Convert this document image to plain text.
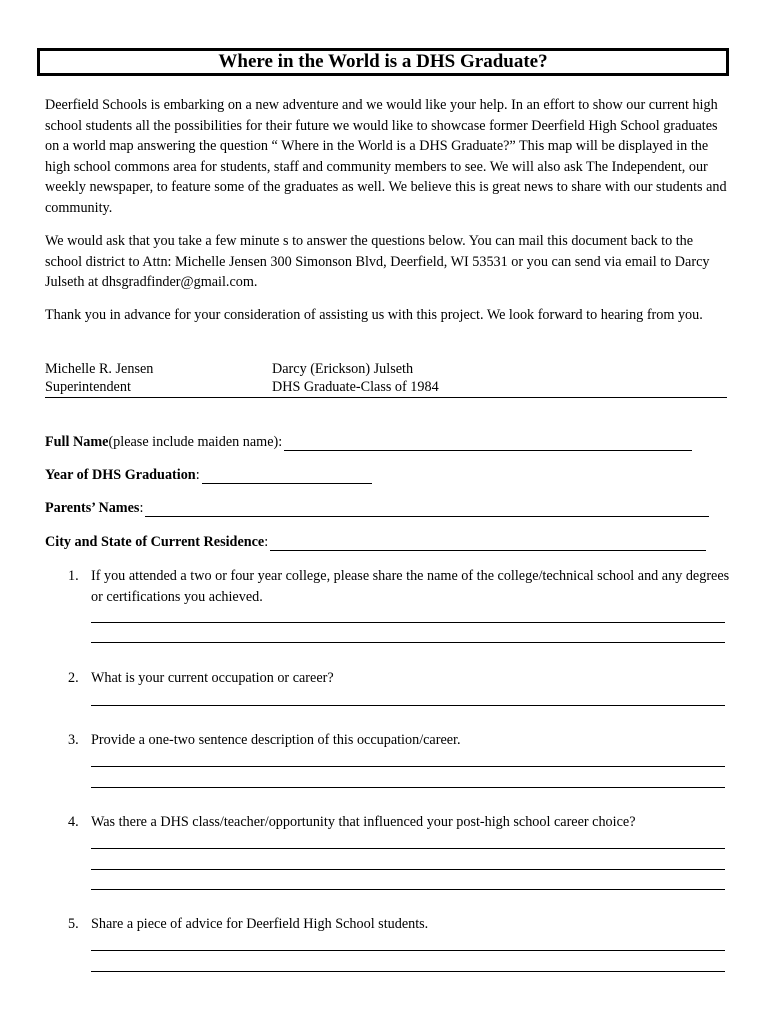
Where in the World is a DHS Graduate?

Deerfield Schools is embarking on a new adventure and we would like your help. In an effort to show our current high school students all the possibilities for their future we would like to showcase former Deerfield High School graduates on a world map answering the question “ Where in the World is a DHS Graduate?” This map will be displayed in the high school commons area for students, staff and community members to see. We will also ask The Independent, our weekly newspaper, to feature some of the graduates as well. We believe this is great news to share with our students and community.

We would ask that you take a few minute s to answer the questions below. You can mail this document back to the school district to Attn: Michelle Jensen 300 Simonson Blvd, Deerfield, WI 53531 or you can send via email to Darcy Julseth at dhsgradfinder@gmail.com.

Thank you in advance for your consideration of assisting us with this project. We look forward to hearing from you.

Michelle R. Jensen
Superintendent
Darcy (Erickson) Julseth
DHS Graduate-Class of 1984
Full Name (please include maiden name):
Year of DHS Graduation :
Parents’ Names :
City and State of Current Residence :
1. If you attended a two or four year college, please share the name of the college/technical school and any degrees or certifications you achieved.
2. What is your current occupation or career?
3. Provide a one-two sentence description of this occupation/career.
4. Was there a DHS class/teacher/opportunity that influenced your post-high school career choice?
5. Share a piece of advice for Deerfield High School students.
